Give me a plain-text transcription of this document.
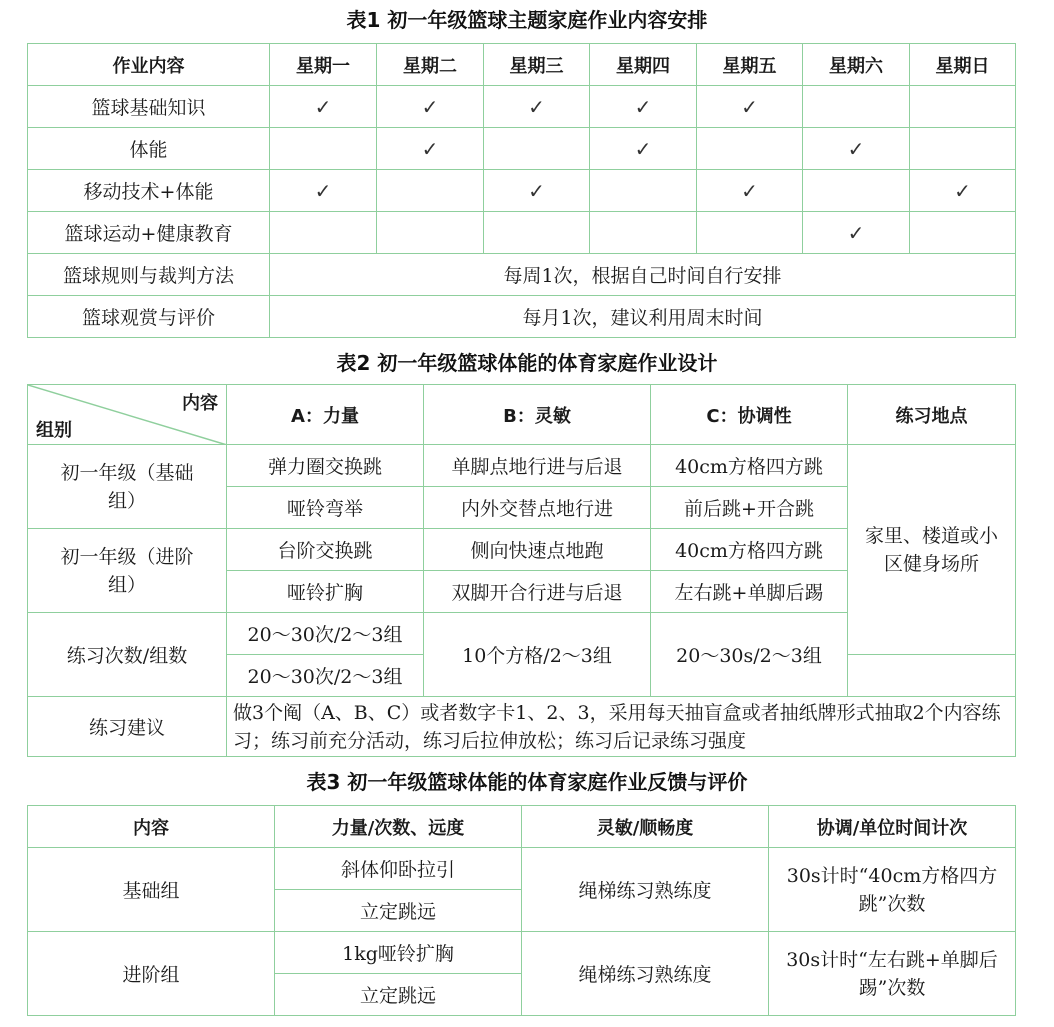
表1 初一年级篮球主题家庭作业内容安排
作业内容	星期一	星期二	星期三	星期四	星期五	星期六	星期日
篮球基础知识	✓	✓	✓	✓	✓		
体能		✓		✓		✓	
移动技术+体能	✓		✓		✓		✓
篮球运动+健康教育						✓	
篮球规则与裁判方法	每周1次，根据自己时间自行安排						
篮球观赏与评价	每月1次，建议利用周末时间						
表2 初一年级篮球体能的体育家庭作业设计
内容
组别	A：力量	B：灵敏	C：协调性	练习地点

初一年级（基础组）	弹力圈交换跳	单脚点地行进与后退	40cm方格四方跳	家里、楼道或小区健身场所

	哑铃弯举	内外交替点地行进	前后跳+开合跳	

初一年级（进阶组）	台阶交换跳	侧向快速点地跑	40cm方格四方跳	
	哑铃扩胸	双脚开合行进与后退	左右跳+单脚后踢	
练习次数/组数	20～30次/2～3组	10个方格/2～3组	20～30s/2～3组	
	20～30次/2～3组			
练习建议	做3个阄（A、B、C）或者数字卡1、2、3，采用每天抽盲盒或者抽纸牌形式抽取2个内容练习；练习前充分活动，练习后拉伸放松；练习后记录练习强度			
表3 初一年级篮球体能的体育家庭作业反馈与评价
内容	力量/次数、远度	灵敏/顺畅度	协调/单位时间计次
基础组	斜体仰卧拉引	绳梯练习熟练度	30s计时“40cm方格四方跳”次数

	立定跳远		
进阶组	1kg哑铃扩胸	绳梯练习熟练度	30s计时“左右跳+单脚后踢”次数

	立定跳远		
